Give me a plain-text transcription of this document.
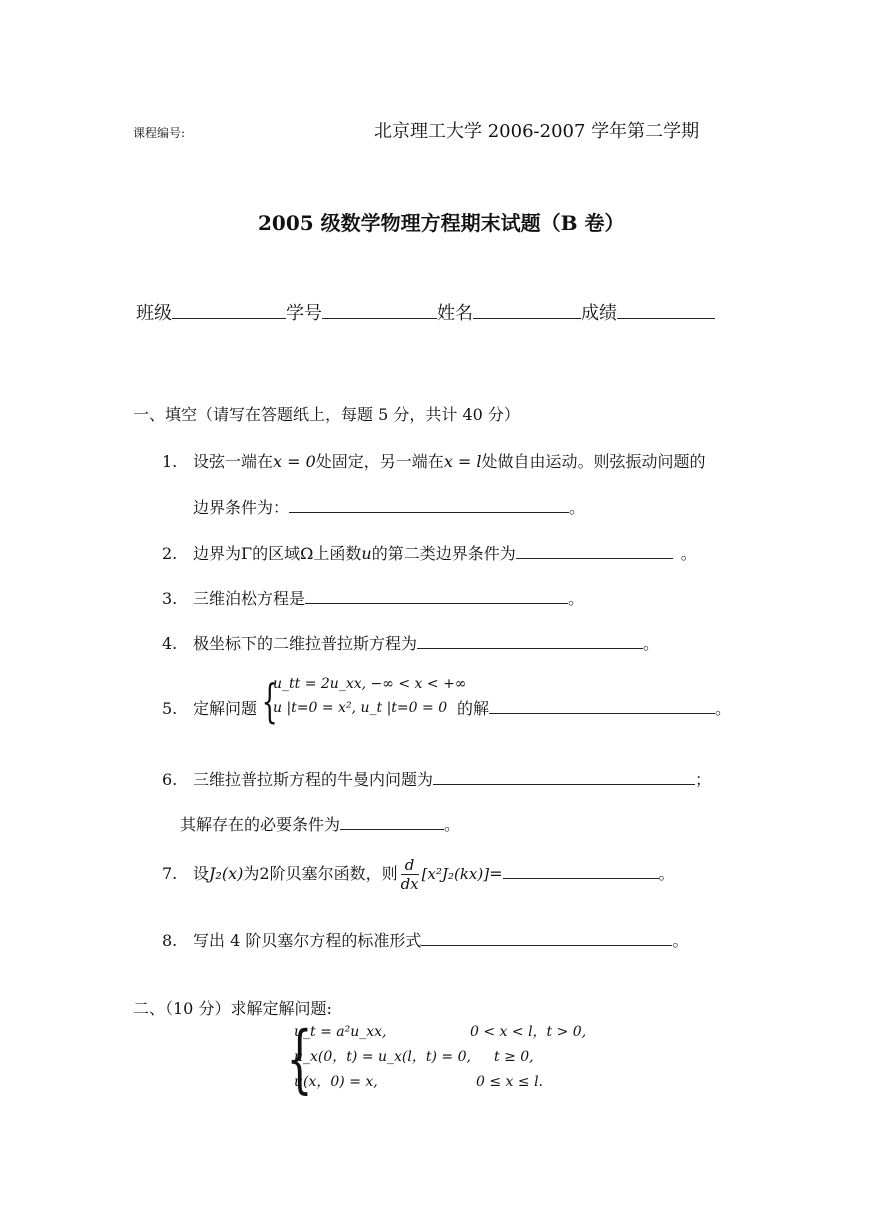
课程编号:	北京理工大学 2006-2007 学年第二学期
2005 级数学物理方程期末试题（B 卷）
班级	学号	姓名	成绩
一、填空（请写在答题纸上，每题 5 分，共计 40 分）
1. 设弦一端在x = 0处固定，另一端在x = l处做自由运动。则弦振动问题的
边界条件为：	。
2. 边界为Γ的区域Ω上函数u的第二类边界条件为	。
3. 三维泊松方程是	。
4. 极坐标下的二维拉普拉斯方程为	。
5. 定解问题 {
u_tt = 2u_xx, −∞ < x < +∞
u |t=0 = x², u_t |t=0 = 0 的解	。
6. 三维拉普拉斯方程的牛曼内问题为	；
其解存在的必要条件为	。
7. 设J₂(x)为2阶贝塞尔函数，则 $\frac{d}{dx} [x^2J_2(kx)]=$	。
8. 写出 4 阶贝塞尔方程的标准形式	。
二、（10 分）求解定解问题:
{
u_t = a²u_xx,	0 < x < l，t > 0,
u_x(0，t) = u_x(l，t) = 0, t ≥ 0,
u(x，0) = x,	0 ≤ x ≤ l.
